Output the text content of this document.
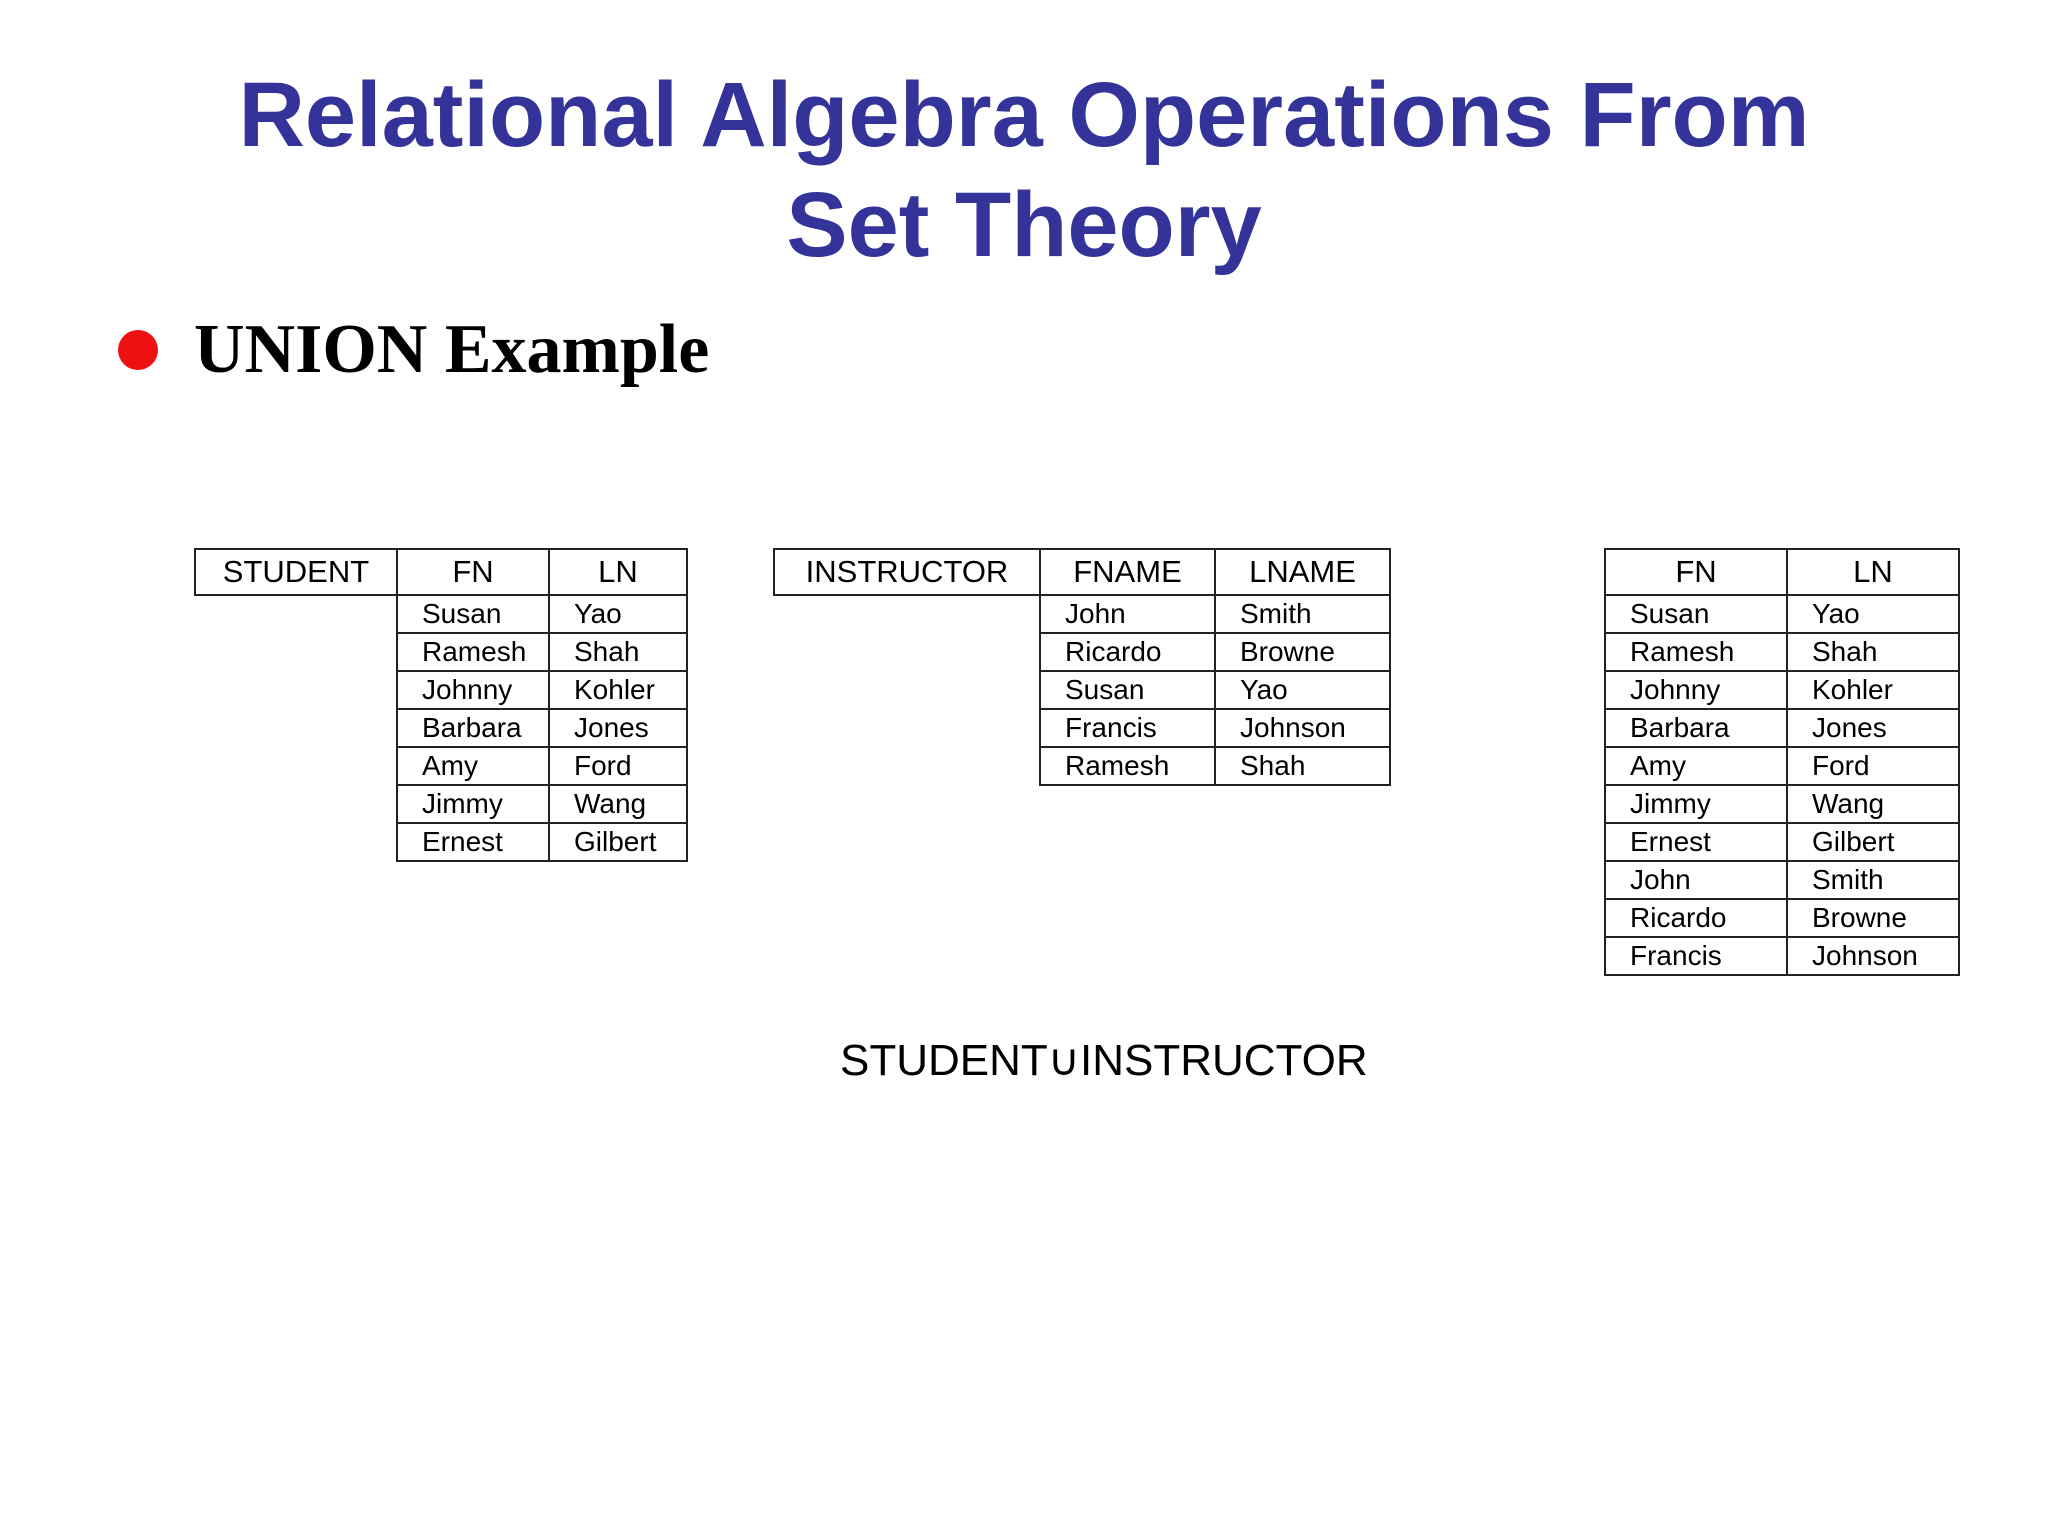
Relational Algebra Operations From
Set Theory
UNION Example
STUDENT	FN	LN
	Susan	Yao
	Ramesh	Shah
	Johnny	Kohler
	Barbara	Jones
	Amy	Ford
	Jimmy	Wang
	Ernest	Gilbert
INSTRUCTOR	FNAME	LNAME
	John	Smith
	Ricardo	Browne
	Susan	Yao
	Francis	Johnson
	Ramesh	Shah
FN	LN
Susan	Yao
Ramesh	Shah
Johnny	Kohler
Barbara	Jones
Amy	Ford
Jimmy	Wang
Ernest	Gilbert
John	Smith
Ricardo	Browne
Francis	Johnson
STUDENT∪INSTRUCTOR
